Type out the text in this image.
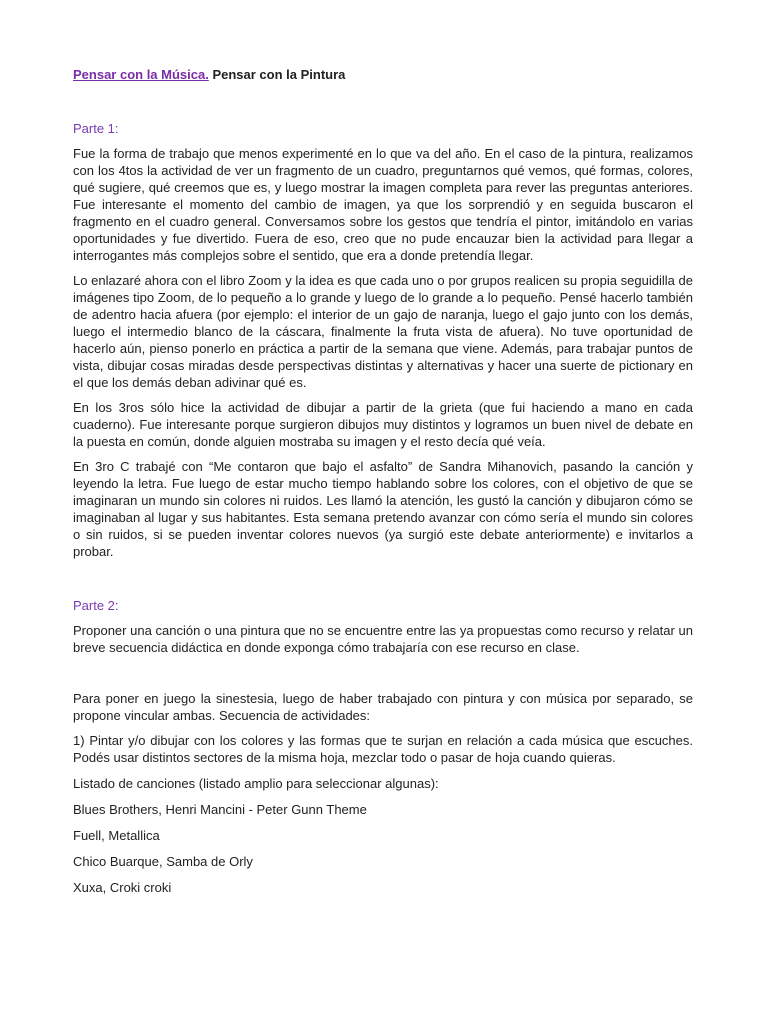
Pensar con la Música. Pensar con la Pintura

Parte 1:

Fue la forma de trabajo que menos experimenté en lo que va del año. En el caso de la pintura, realizamos con los 4tos la actividad de ver un fragmento de un cuadro, preguntarnos qué vemos, qué formas, colores, qué sugiere, qué creemos que es, y luego mostrar la imagen completa para rever las preguntas anteriores. Fue interesante el momento del cambio de imagen, ya que los sorprendió y en seguida buscaron el fragmento en el cuadro general. Conversamos sobre los gestos que tendría el pintor, imitándolo en varias oportunidades y fue divertido. Fuera de eso, creo que no pude encauzar bien la actividad para llegar a interrogantes más complejos sobre el sentido, que era a donde pretendía llegar.

Lo enlazaré ahora con el libro Zoom y la idea es que cada uno o por grupos realicen su propia seguidilla de imágenes tipo Zoom, de lo pequeño a lo grande y luego de lo grande a lo pequeño. Pensé hacerlo también de adentro hacia afuera (por ejemplo: el interior de un gajo de naranja, luego el gajo junto con los demás, luego el intermedio blanco de la cáscara, finalmente la fruta vista de afuera). No tuve oportunidad de hacerlo aún, pienso ponerlo en práctica a partir de la semana que viene. Además, para trabajar puntos de vista, dibujar cosas miradas desde perspectivas distintas y alternativas y hacer una suerte de pictionary en el que los demás deban adivinar qué es.

En los 3ros sólo hice la actividad de dibujar a partir de la grieta (que fui haciendo a mano en cada cuaderno). Fue interesante porque surgieron dibujos muy distintos y logramos un buen nivel de debate en la puesta en común, donde alguien mostraba su imagen y el resto decía qué veía.

En 3ro C trabajé con “Me contaron que bajo el asfalto” de Sandra Mihanovich, pasando la canción y leyendo la letra. Fue luego de estar mucho tiempo hablando sobre los colores, con el objetivo de que se imaginaran un mundo sin colores ni ruidos. Les llamó la atención, les gustó la canción y dibujaron cómo se imaginaban al lugar y sus habitantes. Esta semana pretendo avanzar con cómo sería el mundo sin colores o sin ruidos, si se pueden inventar colores nuevos (ya surgió este debate anteriormente) e invitarlos a probar.

Parte 2:

Proponer una canción o una pintura que no se encuentre entre las ya propuestas como recurso y relatar un breve secuencia didáctica en donde exponga cómo trabajaría con ese recurso en clase.

Para poner en juego la sinestesia, luego de haber trabajado con pintura y con música por separado, se propone vincular ambas. Secuencia de actividades:

1) Pintar y/o dibujar con los colores y las formas que te surjan en relación a cada música que escuches. Podés usar distintos sectores de la misma hoja, mezclar todo o pasar de hoja cuando quieras.

Listado de canciones (listado amplio para seleccionar algunas):

Blues Brothers, Henri Mancini - Peter Gunn Theme

Fuell, Metallica

Chico Buarque, Samba de Orly

Xuxa, Croki croki
